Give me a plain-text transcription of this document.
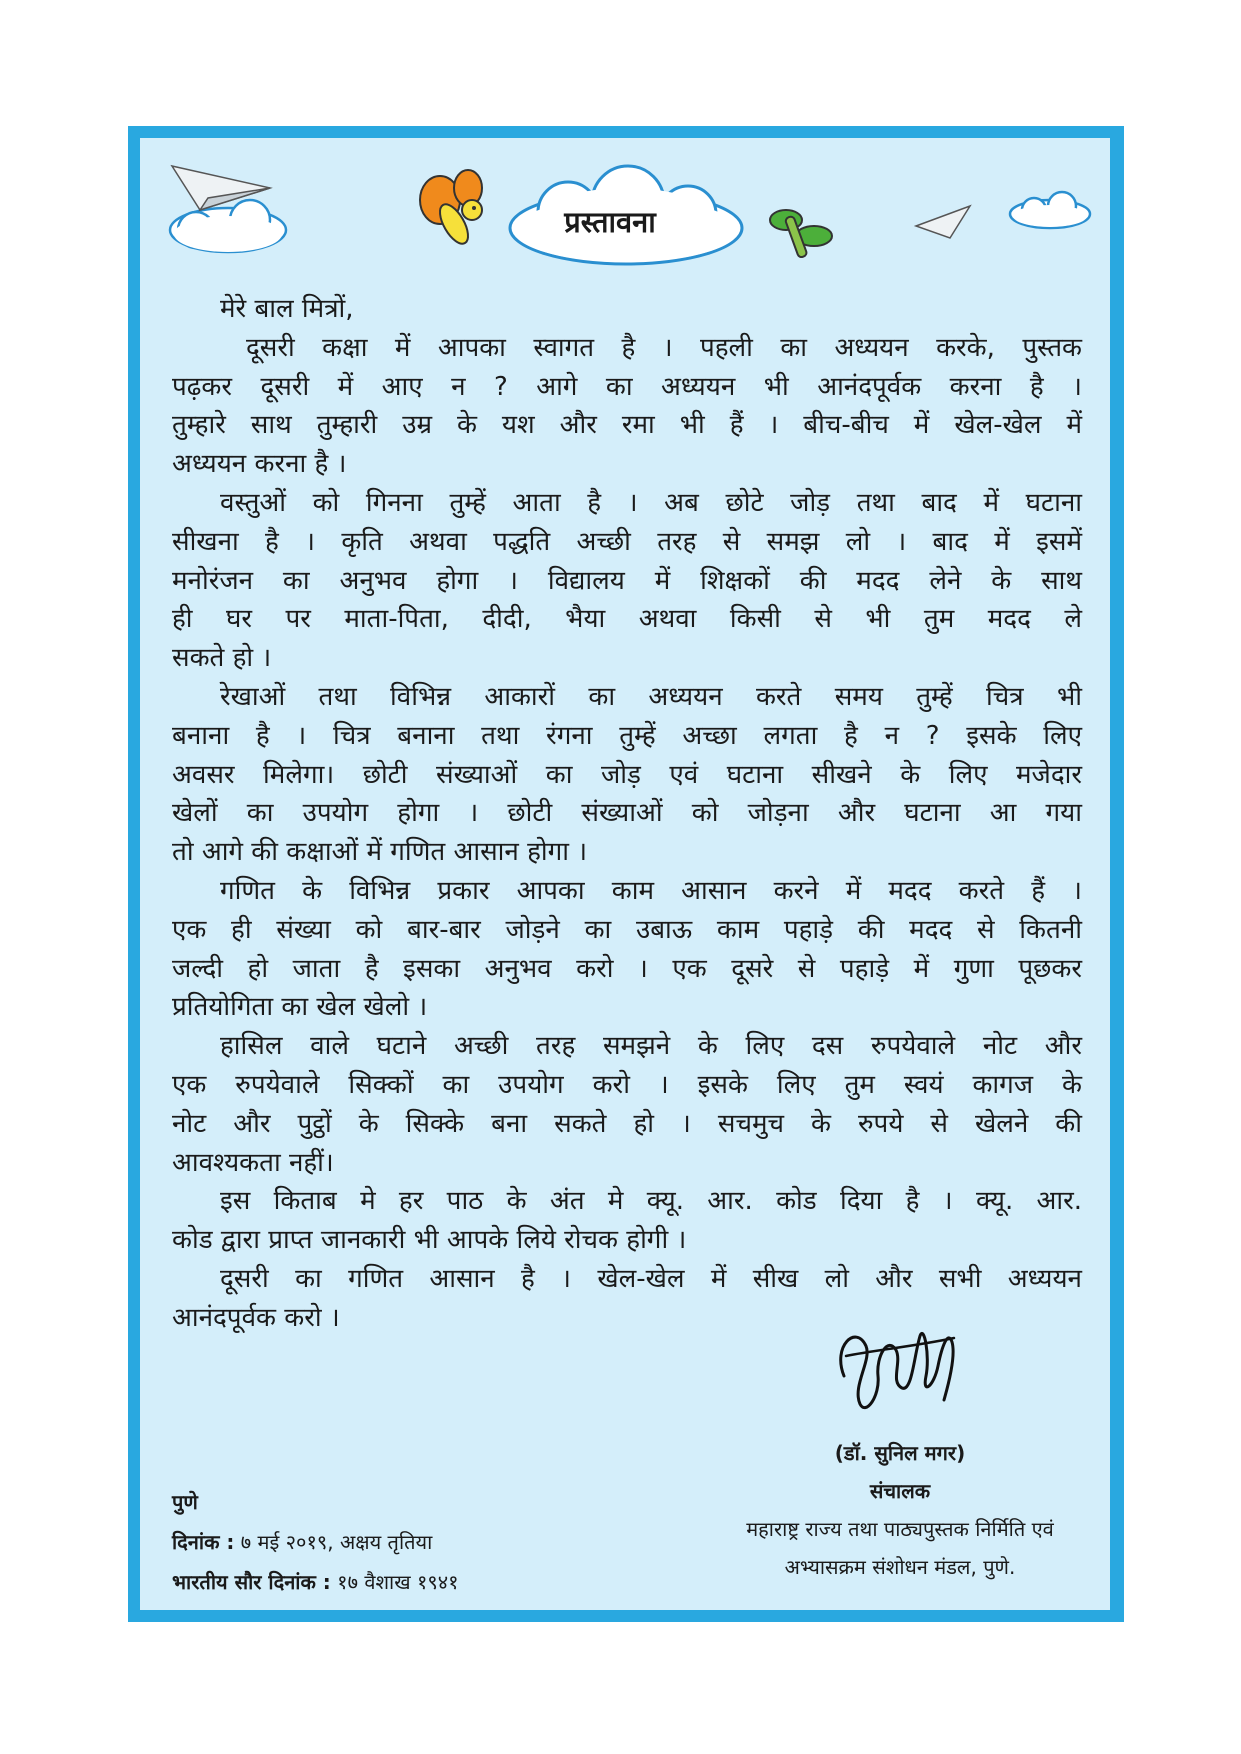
प्रस्तावना
मेरे बाल मित्रों,
दूसरी कक्षा में आपका स्वागत है । पहली का अध्ययन करके, पुस्तक
पढ़कर दूसरी में आए न ? आगे का अध्ययन भी आनंदपूर्वक करना है ।
तुम्हारे साथ तुम्हारी उम्र के यश और रमा भी हैं । बीच-बीच में खेल-खेल में
अध्ययन करना है ।
वस्तुओं को गिनना तुम्हें आता है । अब छोटे जोड़ तथा बाद में घटाना
सीखना है । कृति अथवा पद्धति अच्छी तरह से समझ लो । बाद में इसमें
मनोरंजन का अनुभव होगा । विद्यालय में शिक्षकों की मदद लेने के साथ
ही घर पर माता-पिता, दीदी, भैया अथवा किसी से भी तुम मदद ले
सकते हो ।
रेखाओं तथा विभिन्न आकारों का अध्ययन करते समय तुम्हें चित्र भी
बनाना है । चित्र बनाना तथा रंगना तुम्हें अच्छा लगता है न ? इसके लिए
अवसर मिलेगा। छोटी संख्याओं का जोड़ एवं घटाना सीखने के लिए मजेदार
खेलों का उपयोग होगा । छोटी संख्याओं को जोड़ना और घटाना आ गया
तो आगे की कक्षाओं में गणित आसान होगा ।
गणित के विभिन्न प्रकार आपका काम आसान करने में मदद करते हैं ।
एक ही संख्या को बार-बार जोड़ने का उबाऊ काम पहाड़े की मदद से कितनी
जल्दी हो जाता है इसका अनुभव करो । एक दूसरे से पहाड़े में गुणा पूछकर
प्रतियोगिता का खेल खेलो ।
हासिल वाले घटाने अच्छी तरह समझने के लिए दस रुपयेवाले नोट और
एक रुपयेवाले सिक्कों का उपयोग करो । इसके लिए तुम स्वयं कागज के
नोट और पुट्ठों के सिक्के बना सकते हो । सचमुच के रुपये से खेलने की
आवश्यकता नहीं।
इस किताब मे हर पाठ के अंत मे क्यू. आर. कोड दिया है । क्यू. आर.
कोड द्वारा प्राप्त जानकारी भी आपके लिये रोचक होगी ।
दूसरी का गणित आसान है । खेल-खेल में सीख लो और सभी अध्ययन
आनंदपूर्वक करो ।
(डॉ. सुनिल मगर)
संचालक
महाराष्ट्र राज्य तथा पाठ्यपुस्तक निर्मिति एवं
अभ्यासक्रम संशोधन मंडल, पुणे.
पुणे
दिनांक : ७ मई २०१९, अक्षय तृतिया
भारतीय सौर दिनांक : १७ वैशाख १९४१
